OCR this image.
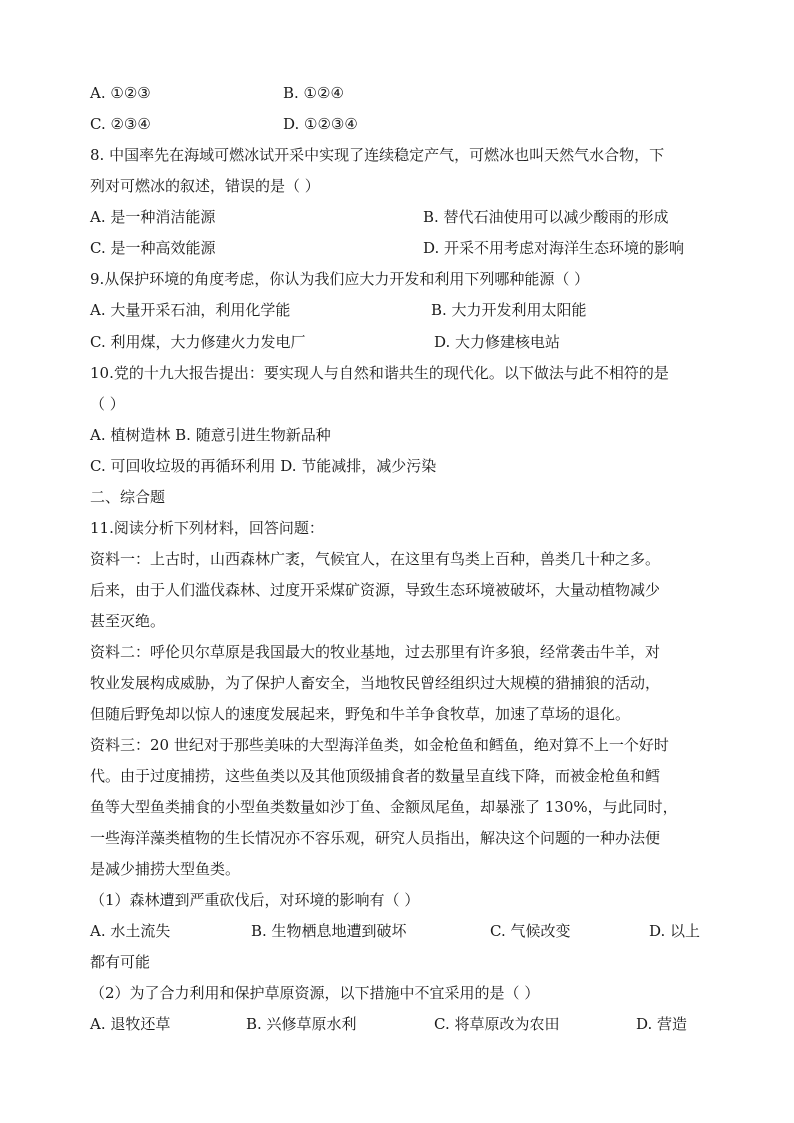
A. ①②③	B. ①②④
C. ②③④	D. ①②③④
8. 中国率先在海域可燃冰试开采中实现了连续稳定产气，可燃冰也叫天然气水合物，下
列对可燃冰的叙述，错误的是（ ）
A. 是一种消洁能源	B. 替代石油使用可以减少酸雨的形成
C. 是一种高效能源	D. 开采不用考虑对海洋生态环境的影响
9.从保护环境的角度考虑，你认为我们应大力开发和利用下列哪种能源（ ）
A. 大量开采石油，利用化学能	B. 大力开发利用太阳能
C. 利用煤，大力修建火力发电厂	D. 大力修建核电站
10.党的十九大报告提出：要实现人与自然和谐共生的现代化。以下做法与此不相符的是
（ ）
A. 植树造林 B. 随意引进生物新品种
C. 可回收垃圾的再循环利用 D. 节能减排，减少污染
二、综合题
11.阅读分析下列材料，回答问题：
资料一：上古时，山西森林广袤，气候宜人，在这里有鸟类上百种，兽类几十种之多。
后来，由于人们滥伐森林、过度开采煤矿资源，导致生态环境被破坏，大量动植物减少
甚至灭绝。
资料二：呼伦贝尔草原是我国最大的牧业基地，过去那里有许多狼，经常袭击牛羊，对
牧业发展构成威胁，为了保护人畜安全，当地牧民曾经组织过大规模的猎捕狼的活动，
但随后野兔却以惊人的速度发展起来，野兔和牛羊争食牧草，加速了草场的退化。
资料三：20 世纪对于那些美味的大型海洋鱼类，如金枪鱼和鳕鱼，绝对算不上一个好时
代。由于过度捕捞，这些鱼类以及其他顶级捕食者的数量呈直线下降，而被金枪鱼和鳕
鱼等大型鱼类捕食的小型鱼类数量如沙丁鱼、金额凤尾鱼，却暴涨了 130%，与此同时，
一些海洋藻类植物的生长情况亦不容乐观，研究人员指出，解决这个问题的一种办法便
是减少捕捞大型鱼类。
（1）森林遭到严重砍伐后，对环境的影响有（ ）
A. 水土流失	B. 生物栖息地遭到破坏	C. 气候改变	D. 以上
都有可能
（2）为了合力利用和保护草原资源，以下措施中不宜采用的是（ ）
A. 退牧还草	B. 兴修草原水利	C. 将草原改为农田	D. 营造
